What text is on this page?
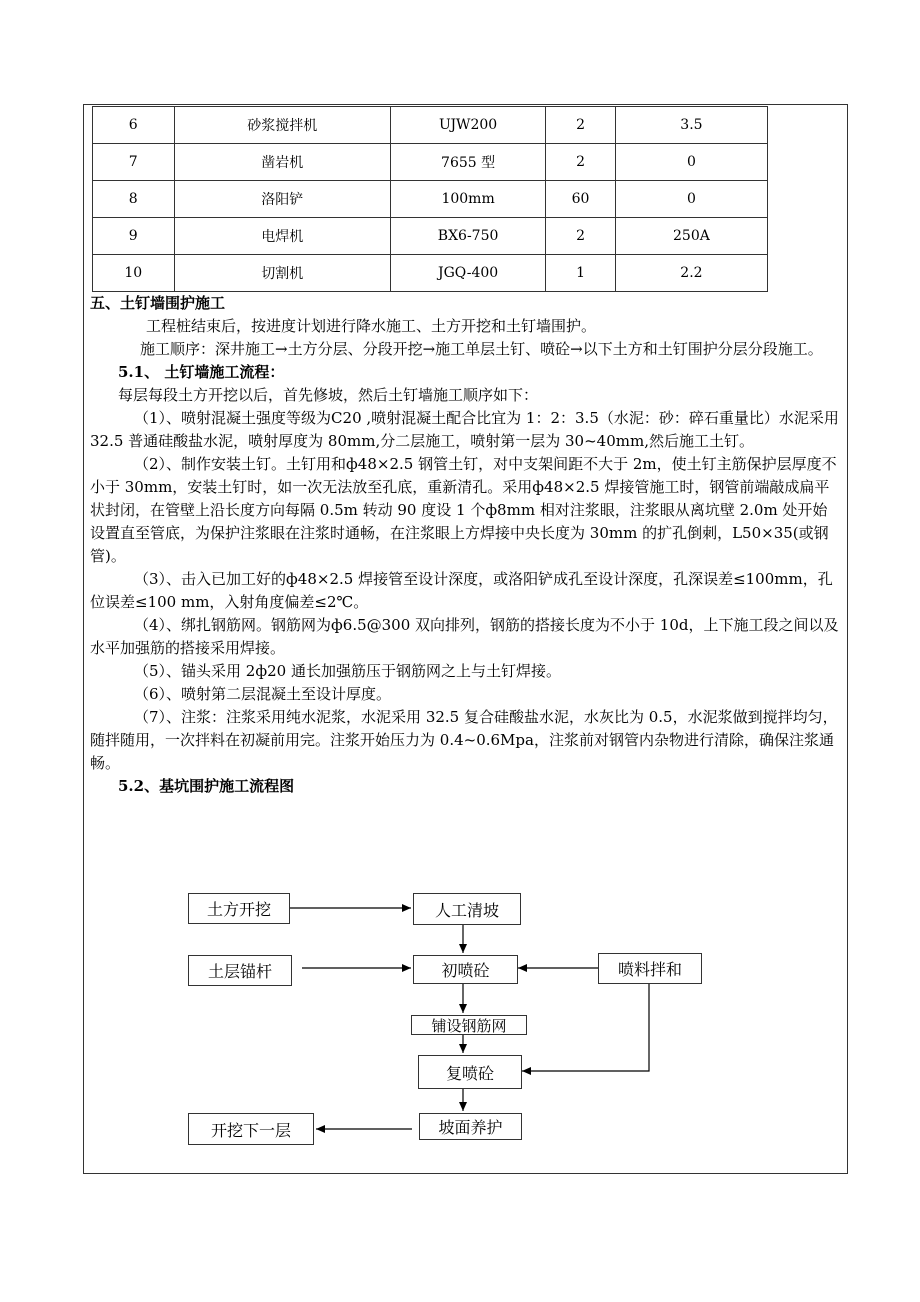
6	砂浆搅拌机	UJW200	2	3.5
7	凿岩机	7655 型	2	0
8	洛阳铲	100mm	60	0
9	电焊机	BX6-750	2	250A
10	切割机	JGQ-400	1	2.2

五、土钉墙围护施工

工程桩结束后，按进度计划进行降水施工、土方开挖和土钉墙围护。

施工顺序：深井施工→土方分层、分段开挖→施工单层土钉、喷砼→以下土方和土钉围护分层分段施工。

5.1、 土钉墙施工流程：

每层每段土方开挖以后，首先修坡，然后土钉墙施工顺序如下：

（1）、喷射混凝土强度等级为C20 ,喷射混凝土配合比宜为 1：2：3.5（水泥：砂：碎石重量比）水泥采用 32.5 普通硅酸盐水泥，喷射厚度为 80mm,分二层施工，喷射第一层为 30~40mm,然后施工土钉。

（2）、制作安装土钉。土钉用和ф48×2.5 钢管土钉，对中支架间距不大于 2m，使土钉主筋保护层厚度不小于 30mm，安装土钉时，如一次无法放至孔底，重新清孔。采用ф48×2.5 焊接管施工时，钢管前端敲成扁平状封闭，在管壁上沿长度方向每隔 0.5m 转动 90 度设 1 个ф8mm 相对注浆眼，注浆眼从离坑壁 2.0m 处开始设置直至管底，为保护注浆眼在注浆时通畅，在注浆眼上方焊接中央长度为 30mm 的扩孔倒刺，L50×35(或钢管)。

（3）、击入已加工好的ф48×2.5 焊接管至设计深度，或洛阳铲成孔至设计深度，孔深误差≤100mm，孔位误差≤100 mm，入射角度偏差≤2℃。

（4）、绑扎钢筋网。钢筋网为ф6.5@300 双向排列，钢筋的搭接长度为不小于 10d，上下施工段之间以及水平加强筋的搭接采用焊接。

（5）、锚头采用 2ф20 通长加强筋压于钢筋网之上与土钉焊接。

（6）、喷射第二层混凝土至设计厚度。

（7）、注浆：注浆采用纯水泥浆，水泥采用 32.5 复合硅酸盐水泥，水灰比为 0.5，水泥浆做到搅拌均匀，随拌随用，一次拌料在初凝前用完。注浆开始压力为 0.4~0.6Mpa，注浆前对钢管内杂物进行清除，确保注浆通畅。

5.2、基坑围护施工流程图

土方开挖	人工清坡
土层锚杆	初喷砼	喷料拌和
铺设钢筋网
复喷砼
开挖下一层	坡面养护
